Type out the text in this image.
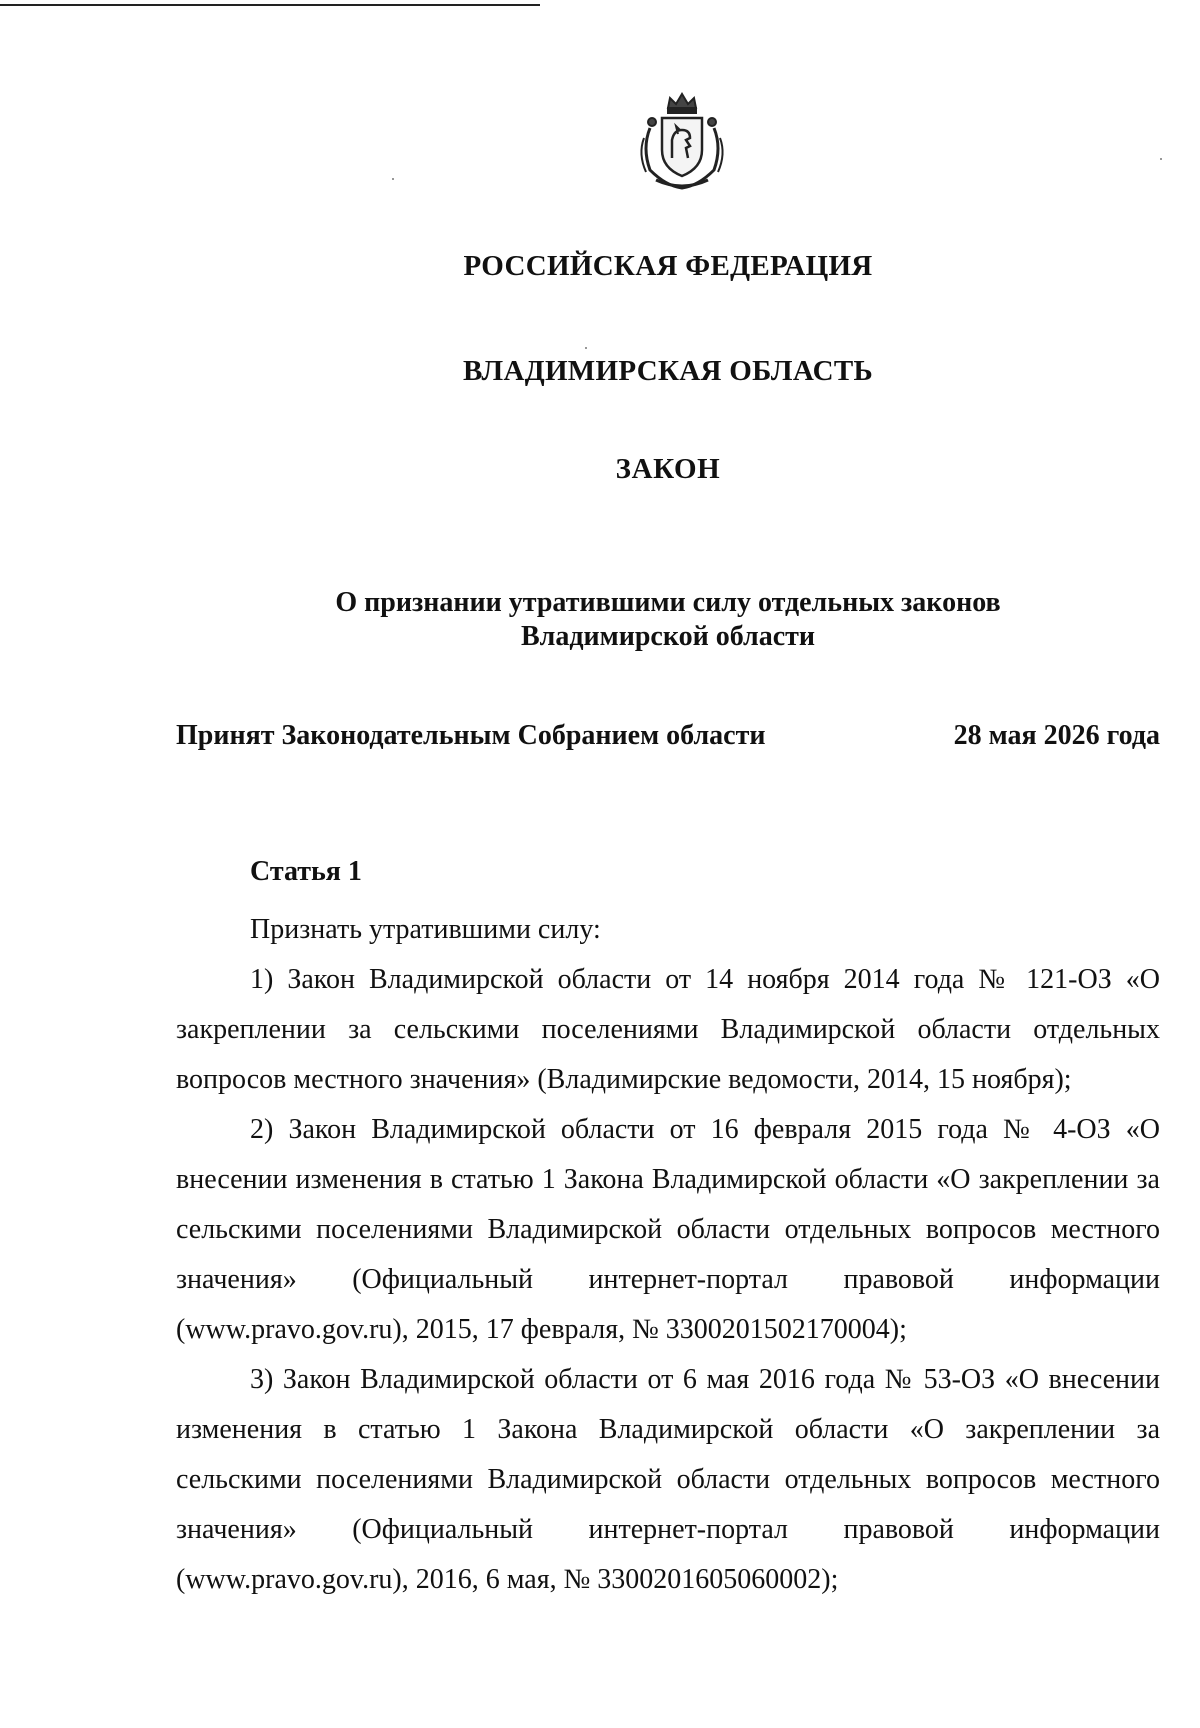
РОССИЙСКАЯ ФЕДЕРАЦИЯ
ВЛАДИМИРСКАЯ ОБЛАСТЬ
ЗАКОН
О признании утратившими силу отдельных законов
Владимирской области
Принят Законодательным Собранием области	28 мая 2026 года
Статья 1

Признать утратившими силу:

1) Закон Владимирской области от 14 ноября 2014 года № 121-ОЗ «О закреплении за сельскими поселениями Владимирской области отдельных вопросов местного значения» (Владимирские ведомости, 2014, 15 ноября);

2) Закон Владимирской области от 16 февраля 2015 года № 4-ОЗ «О внесении изменения в статью 1 Закона Владимирской области «О закреплении за сельскими поселениями Владимирской области отдельных вопросов местного значения» (Официальный интернет-портал правовой информации (www.pravo.gov.ru), 2015, 17 февраля, № 3300201502170004);

3) Закон Владимирской области от 6 мая 2016 года № 53-ОЗ «О внесении изменения в статью 1 Закона Владимирской области «О закреплении за сельскими поселениями Владимирской области отдельных вопросов местного значения» (Официальный интернет-портал правовой информации (www.pravo.gov.ru), 2016, 6 мая, № 3300201605060002);
